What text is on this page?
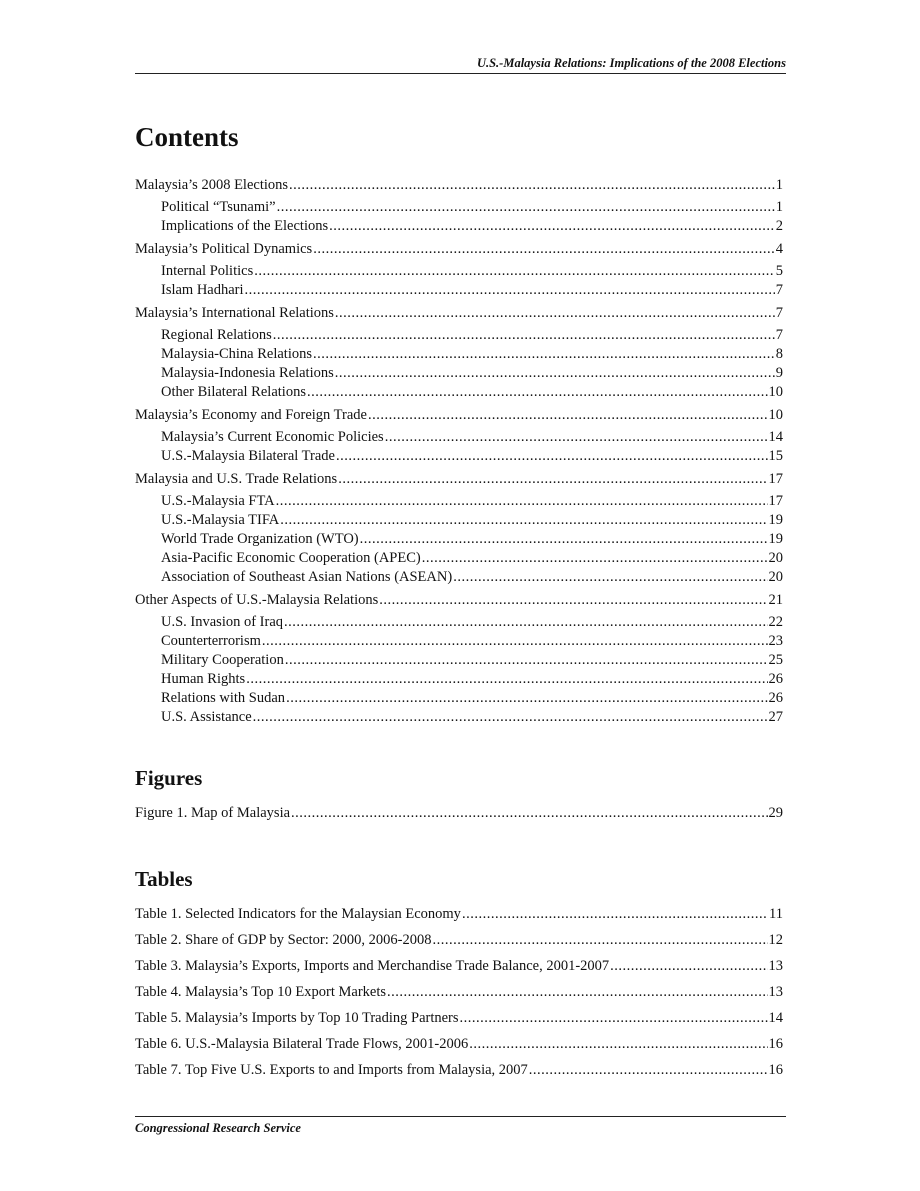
U.S.-Malaysia Relations: Implications of the 2008 Elections
Contents
Malaysia’s 2008 Elections .....	1
Political “Tsunami” .....	1
Implications of the Elections .....	2
Malaysia’s Political Dynamics .....	4
Internal Politics .....	5
Islam Hadhari .....	7
Malaysia’s International Relations .....	7
Regional Relations .....	7
Malaysia-China Relations .....	8
Malaysia-Indonesia Relations .....	9
Other Bilateral Relations .....	10
Malaysia’s Economy and Foreign Trade .....	10
Malaysia’s Current Economic Policies .....	14
U.S.-Malaysia Bilateral Trade .....	15
Malaysia and U.S. Trade Relations .....	17
U.S.-Malaysia FTA .....	17
U.S.-Malaysia TIFA .....	19
World Trade Organization (WTO) .....	19
Asia-Pacific Economic Cooperation (APEC) .....	20
Association of Southeast Asian Nations (ASEAN) .....	20
Other Aspects of U.S.-Malaysia Relations .....	21
U.S. Invasion of Iraq .....	22
Counterterrorism .....	23
Military Cooperation .....	25
Human Rights .....	26
Relations with Sudan .....	26
U.S. Assistance .....	27
Figures
Figure 1. Map of Malaysia .....	29
Tables
Table 1. Selected Indicators for the Malaysian Economy .....	11
Table 2. Share of GDP by Sector: 2000, 2006-2008 .....	12
Table 3. Malaysia’s Exports, Imports and Merchandise Trade Balance, 2001-2007 .....	13
Table 4. Malaysia’s Top 10 Export Markets .....	13
Table 5. Malaysia’s Imports by Top 10 Trading Partners .....	14
Table 6. U.S.-Malaysia Bilateral Trade Flows, 2001-2006 .....	16
Table 7. Top Five U.S. Exports to and Imports from Malaysia, 2007 .....	16
Congressional Research Service
